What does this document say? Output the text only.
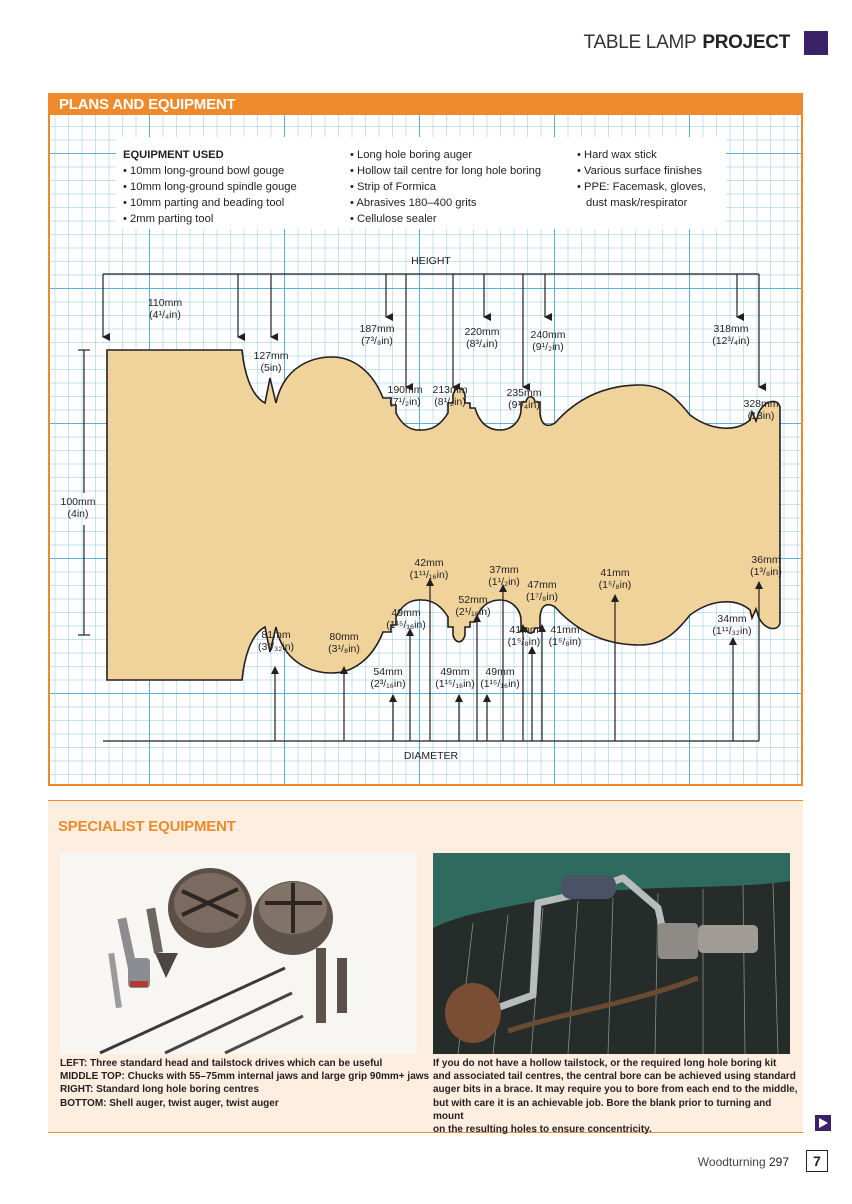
TABLE LAMP PROJECT
PLANS AND EQUIPMENT
EQUIPMENT USED
• 10mm long-ground bowl gouge
• 10mm long-ground spindle gouge
• 10mm parting and beading tool
• 2mm parting tool
• Long hole boring auger
• Hollow tail centre for long hole boring
• Strip of Formica
• Abrasives 180–400 grits
• Cellulose sealer
• Hard wax stick
• Various surface finishes
• PPE: Facemask, gloves,
dust mask/respirator
HEIGHT
100mm
(4in)
110mm
(4¹/₄in)
127mm
(5in)
187mm
(7³/₈in)
190mm
(7¹/₂in)
213mm
(8¹/₂in)
220mm
(8³/₄in)
235mm
(9¹/₄in)
240mm
(9¹/₂in)
318mm
(12³/₄in)
328mm
(13in)
DIAMETER
81mm
(3⁷/₃₂in)
80mm
(3¹/₈in)
54mm
(2³/₁₆in)
49mm
(1¹⁵/₁₆in)
42mm
(1¹¹/₁₆in)
49mm
(1¹⁵/₁₆in)
52mm
(2¹/₁₆in)
49mm
(1¹⁵/₁₆in)
37mm
(1¹/₂in)
41mm
(1⁵/₈in)
47mm
(1⁷/₈in)
41mm
(1⁵/₈in)
41mm
(1⁵/₈in)
34mm
(1¹¹/₃₂in)
36mm
(1³/₈in)
SPECIALIST EQUIPMENT
LEFT: Three standard head and tailstock drives which can be useful
MIDDLE TOP: Chucks with 55–75mm internal jaws and large grip 90mm+ jaws
RIGHT: Standard long hole boring centres
BOTTOM: Shell auger, twist auger, twist auger
If you do not have a hollow tailstock, or the required long hole boring kit
and associated tail centres, the central bore can be achieved using standard
auger bits in a brace. It may require you to bore from each end to the middle,
but with care it is an achievable job. Bore the blank prior to turning and mount
on the resulting holes to ensure concentricity.
Woodturning 297	7
